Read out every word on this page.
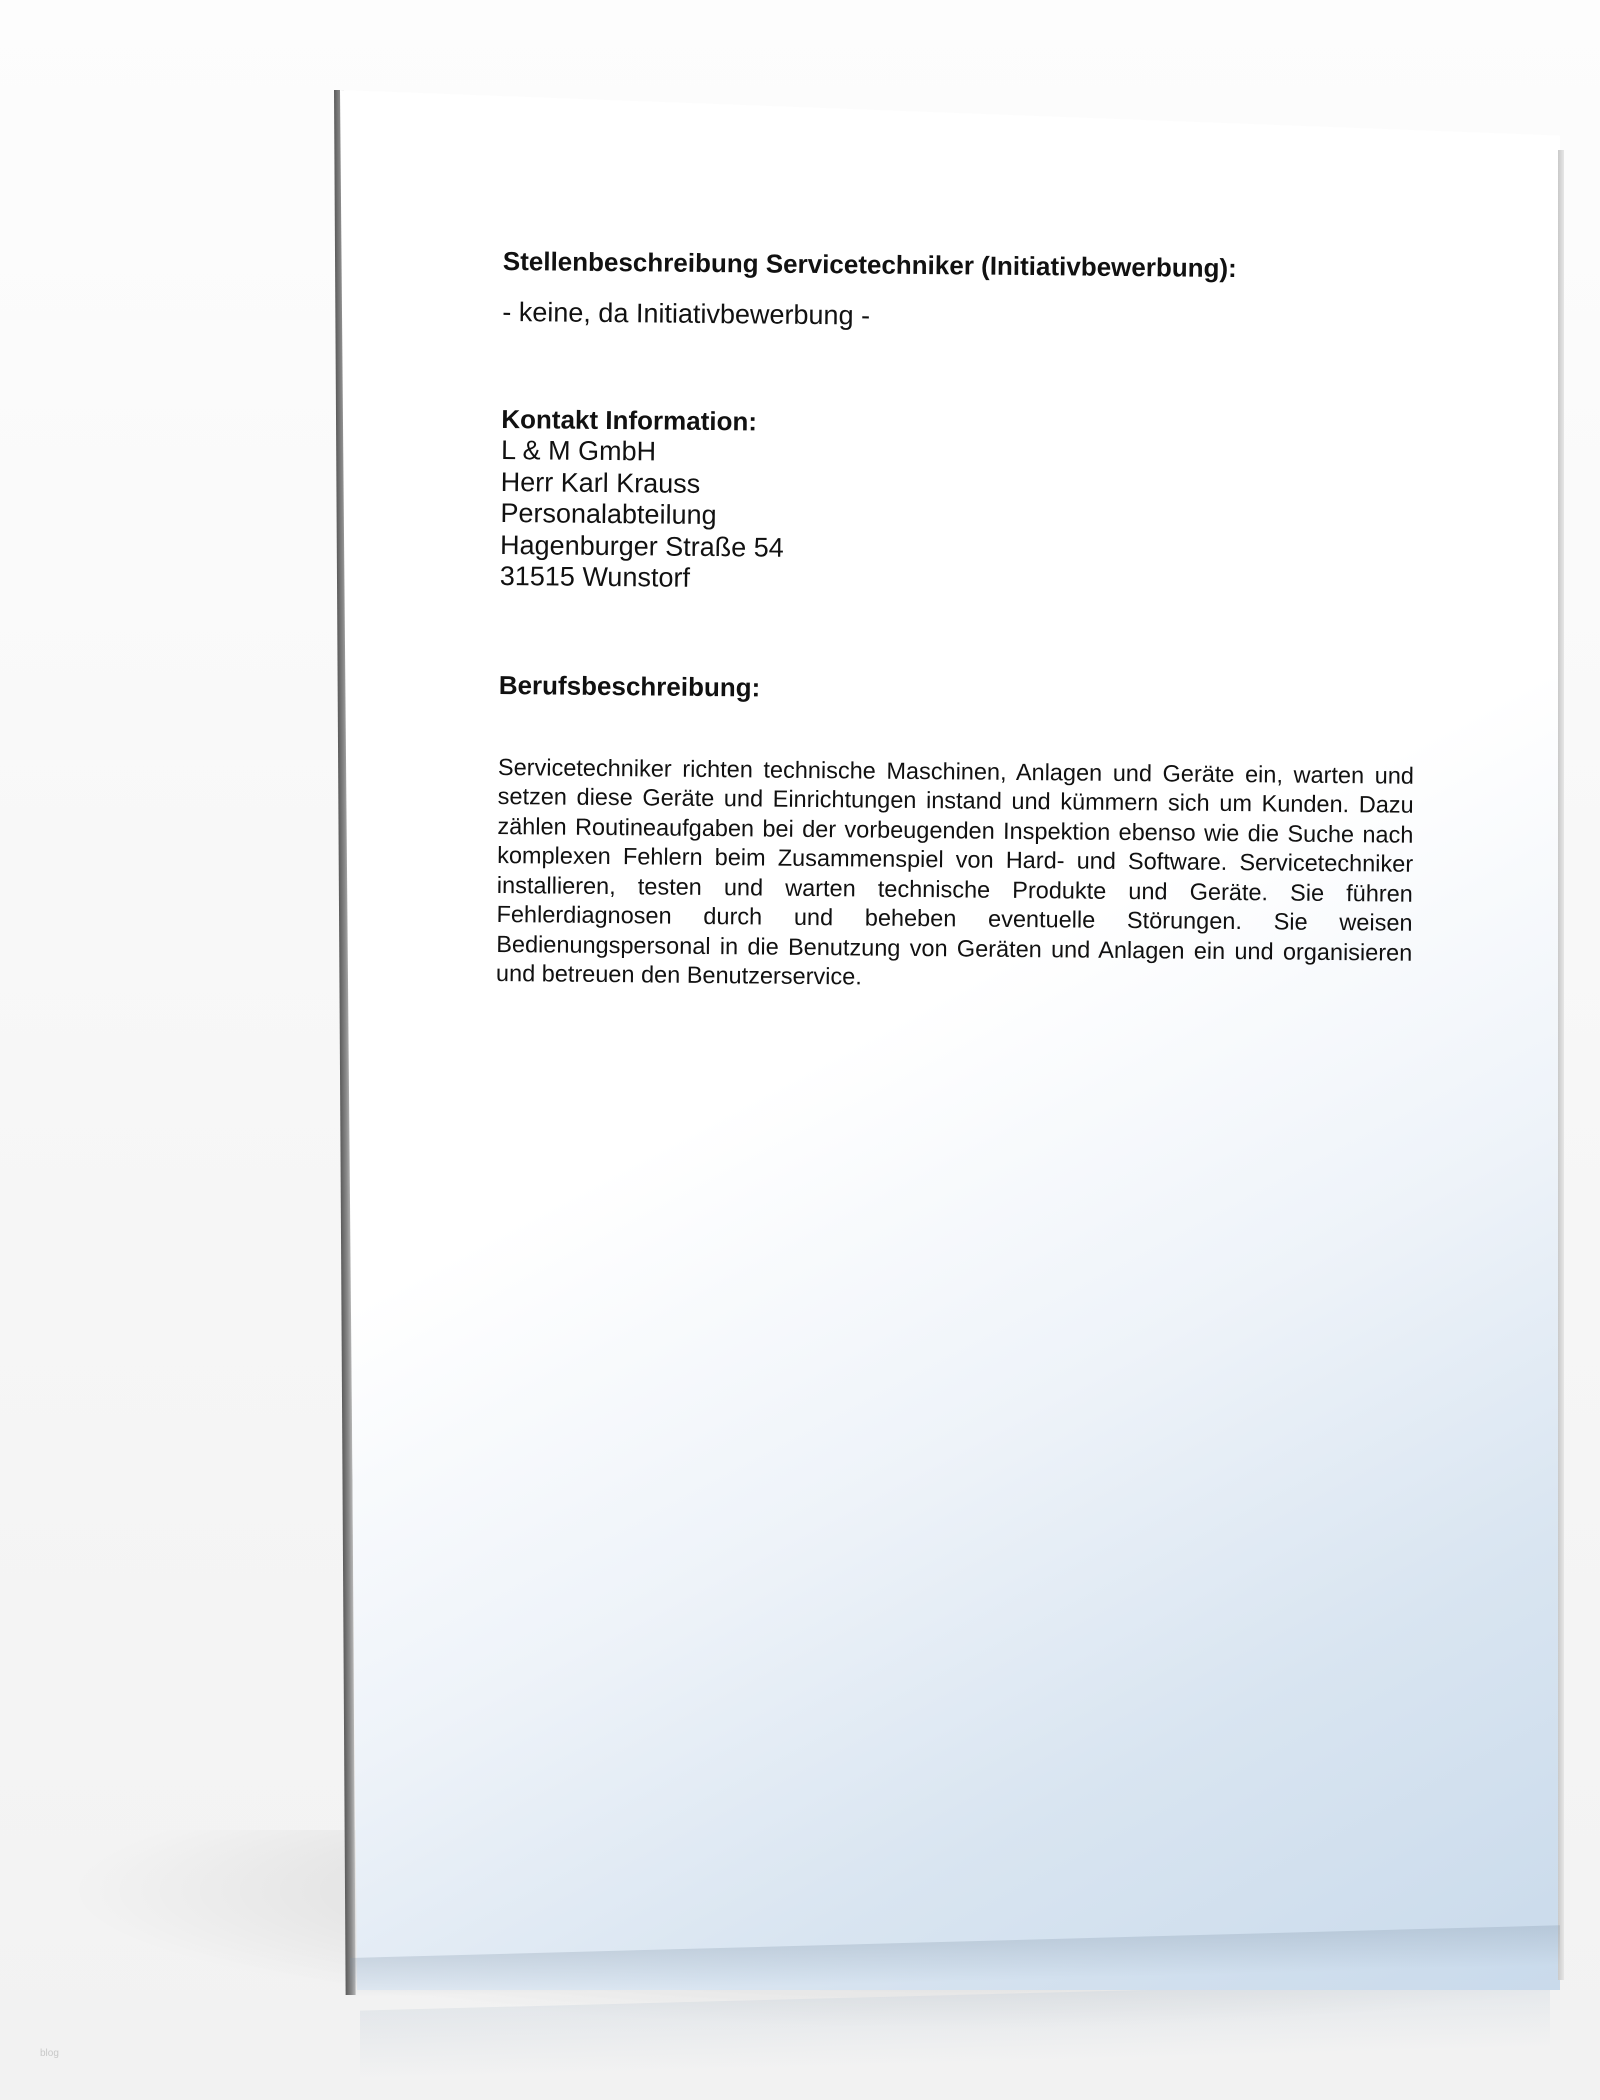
Stellenbeschreibung Servicetechniker (Initiativbewerbung):

- keine, da Initiativbewerbung -

Kontakt Information:

L & M GmbH

Herr Karl Krauss

Personalabteilung

Hagenburger Straße 54

31515 Wunstorf

Berufsbeschreibung:

Servicetechniker richten technische Maschinen, Anlagen und Geräte ein, warten und setzen diese Geräte und Einrichtungen instand und kümmern sich um Kunden. Dazu zählen Routineaufgaben bei der vorbeugenden Inspektion ebenso wie die Suche nach komplexen Fehlern beim Zusammenspiel von Hard- und Software. Servicetechniker installieren, testen und warten technische Produkte und Geräte. Sie führen Fehlerdiagnosen durch und beheben eventuelle Störungen. Sie weisen Bedienungspersonal in die Benutzung von Geräten und Anlagen ein und organisieren und betreuen den Benutzerservice.

blog
